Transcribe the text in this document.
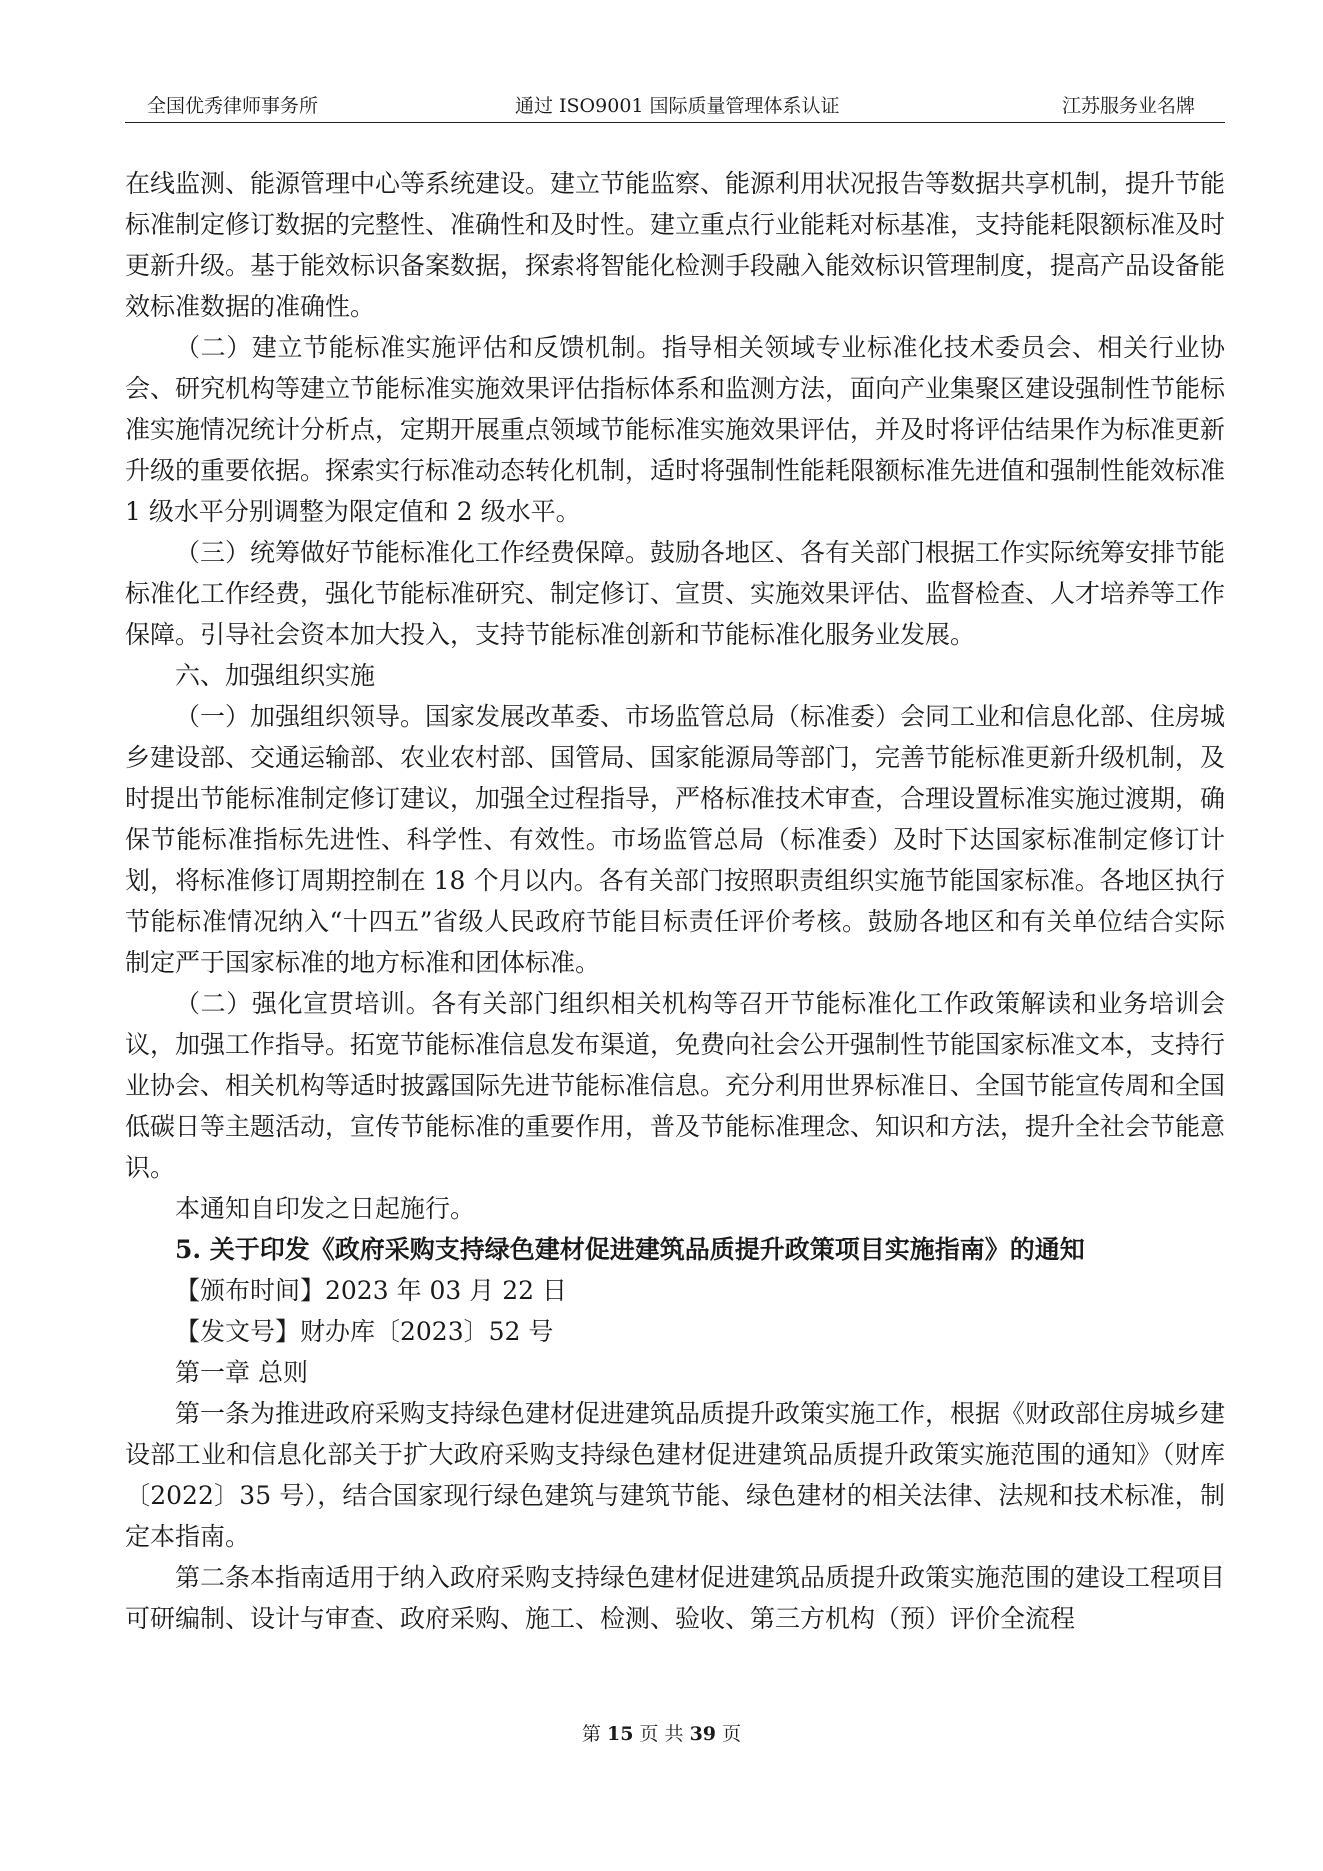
全国优秀律师事务所	通过 ISO9001 国际质量管理体系认证	江苏服务业名牌

在线监测、能源管理中心等系统建设。建立节能监察、能源利用状况报告等数据共享机制，提升节能标准制定修订数据的完整性、准确性和及时性。建立重点行业能耗对标基准，支持能耗限额标准及时更新升级。基于能效标识备案数据，探索将智能化检测手段融入能效标识管理制度，提高产品设备能效标准数据的准确性。

（二）建立节能标准实施评估和反馈机制。指导相关领域专业标准化技术委员会、相关行业协会、研究机构等建立节能标准实施效果评估指标体系和监测方法，面向产业集聚区建设强制性节能标准实施情况统计分析点，定期开展重点领域节能标准实施效果评估，并及时将评估结果作为标准更新升级的重要依据。探索实行标准动态转化机制，适时将强制性能耗限额标准先进值和强制性能效标准 1 级水平分别调整为限定值和 2 级水平。

（三）统筹做好节能标准化工作经费保障。鼓励各地区、各有关部门根据工作实际统筹安排节能标准化工作经费，强化节能标准研究、制定修订、宣贯、实施效果评估、监督检查、人才培养等工作保障。引导社会资本加大投入，支持节能标准创新和节能标准化服务业发展。

六、加强组织实施

（一）加强组织领导。国家发展改革委、市场监管总局（标准委）会同工业和信息化部、住房城乡建设部、交通运输部、农业农村部、国管局、国家能源局等部门，完善节能标准更新升级机制，及时提出节能标准制定修订建议，加强全过程指导，严格标准技术审查，合理设置标准实施过渡期，确保节能标准指标先进性、科学性、有效性。市场监管总局（标准委）及时下达国家标准制定修订计划，将标准修订周期控制在 18 个月以内。各有关部门按照职责组织实施节能国家标准。各地区执行节能标准情况纳入“十四五”省级人民政府节能目标责任评价考核。鼓励各地区和有关单位结合实际制定严于国家标准的地方标准和团体标准。

（二）强化宣贯培训。各有关部门组织相关机构等召开节能标准化工作政策解读和业务培训会议，加强工作指导。拓宽节能标准信息发布渠道，免费向社会公开强制性节能国家标准文本，支持行业协会、相关机构等适时披露国际先进节能标准信息。充分利用世界标准日、全国节能宣传周和全国低碳日等主题活动，宣传节能标准的重要作用，普及节能标准理念、知识和方法，提升全社会节能意识。

本通知自印发之日起施行。

5. 关于印发《政府采购支持绿色建材促进建筑品质提升政策项目实施指南》的通知

【颁布时间】2023 年 03 月 22 日

【发文号】财办库〔2023〕52 号

第一章 总则

第一条为推进政府采购支持绿色建材促进建筑品质提升政策实施工作，根据《财政部住房城乡建设部工业和信息化部关于扩大政府采购支持绿色建材促进建筑品质提升政策实施范围的通知》（财库〔2022〕35 号），结合国家现行绿色建筑与建筑节能、绿色建材的相关法律、法规和技术标准，制定本指南。

第二条本指南适用于纳入政府采购支持绿色建材促进建筑品质提升政策实施范围的建设工程项目可研编制、设计与审查、政府采购、施工、检测、验收、第三方机构（预）评价全流程

第 15 页 共 39 页
